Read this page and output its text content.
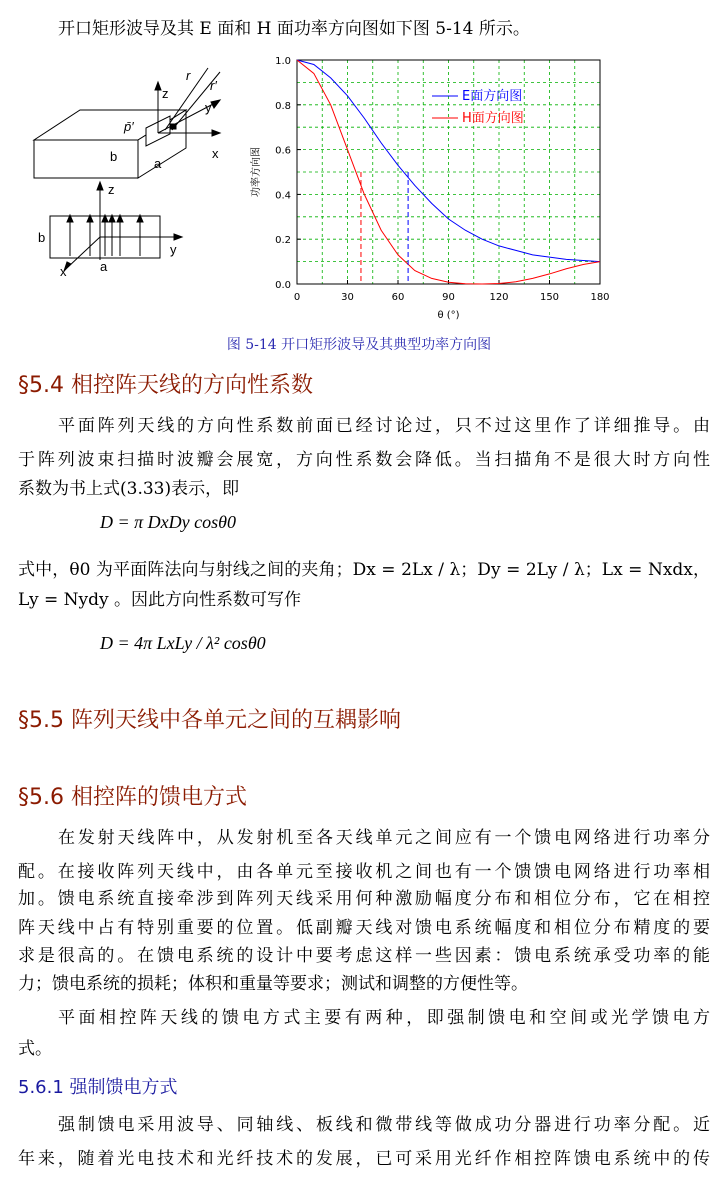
开口矩形波导及其 E 面和 H 面功率方向图如下图 5-14 所示。
z
r
r′
y
p̄′
b	a
x
z
b
y
x	a
0	30	60	90	120	150	180
0.0
0.2
0.4
0.6
0.8
1.0
θ (°)
功率方向图
E面方向图
H面方向图
图 5-14 开口矩形波导及其典型功率方向图
§5.4 相控阵天线的方向性系数
平面阵列天线的方向性系数前面已经讨论过，只不过这里作了详细推导。由
于阵列波束扫描时波瓣会展宽，方向性系数会降低。当扫描角不是很大时方向性
系数为书上式(3.33)表示，即
D = π DxDy cosθ0
式中，θ0 为平面阵法向与射线之间的夹角；Dx = 2Lx / λ；Dy = 2Ly / λ；Lx = Nxdx，
Ly = Nydy 。因此方向性系数可写作
D = 4π LxLy / λ² cosθ0
§5.5 阵列天线中各单元之间的互耦影响
§5.6 相控阵的馈电方式
在发射天线阵中，从发射机至各天线单元之间应有一个馈电网络进行功率分
配。在接收阵列天线中，由各单元至接收机之间也有一个馈馈电网络进行功率相
加。馈电系统直接牵涉到阵列天线采用何种激励幅度分布和相位分布，它在相控
阵天线中占有特别重要的位置。低副瓣天线对馈电系统幅度和相位分布精度的要
求是很高的。在馈电系统的设计中要考虑这样一些因素：馈电系统承受功率的能
力；馈电系统的损耗；体积和重量等要求；测试和调整的方便性等。
平面相控阵天线的馈电方式主要有两种，即强制馈电和空间或光学馈电方
式。
5.6.1 强制馈电方式
强制馈电采用波导、同轴线、板线和微带线等做成功分器进行功率分配。近
年来，随着光电技术和光纤技术的发展，已可采用光纤作相控阵馈电系统中的传
